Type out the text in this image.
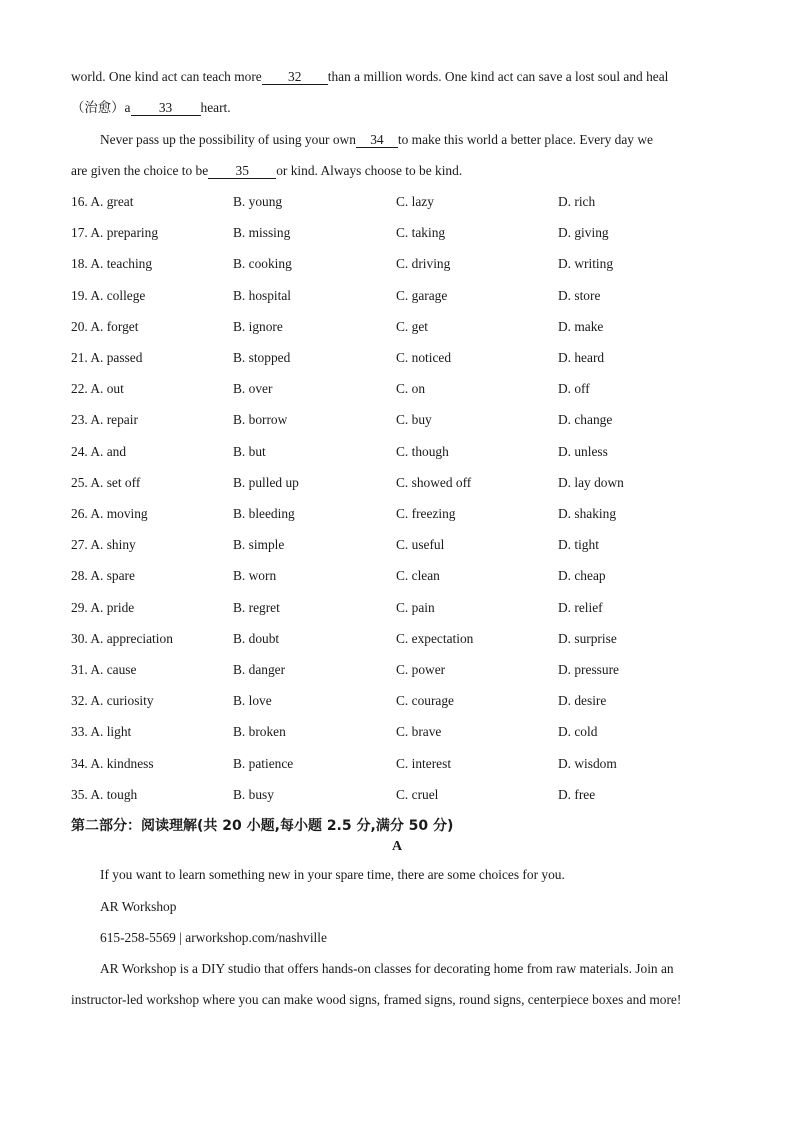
world. One kind act can teach more 32 than a million words. One kind act can save a lost soul and heal
（治愈）a 33 heart.
Never pass up the possibility of using your own 34 to make this world a better place. Every day we
are given the choice to be 35 or kind. Always choose to be kind.
16. A. great	B. young	C. lazy	D. rich
17. A. preparing	B. missing	C. taking	D. giving
18. A. teaching	B. cooking	C. driving	D. writing
19. A. college	B. hospital	C. garage	D. store
20. A. forget	B. ignore	C. get	D. make
21. A. passed	B. stopped	C. noticed	D. heard
22. A. out	B. over	C. on	D. off
23. A. repair	B. borrow	C. buy	D. change
24. A. and	B. but	C. though	D. unless
25. A. set off	B. pulled up	C. showed off	D. lay down
26. A. moving	B. bleeding	C. freezing	D. shaking
27. A. shiny	B. simple	C. useful	D. tight
28. A. spare	B. worn	C. clean	D. cheap
29. A. pride	B. regret	C. pain	D. relief
30. A. appreciation	B. doubt	C. expectation	D. surprise
31. A. cause	B. danger	C. power	D. pressure
32. A. curiosity	B. love	C. courage	D. desire
33. A. light	B. broken	C. brave	D. cold
34. A. kindness	B. patience	C. interest	D. wisdom
35. A. tough	B. busy	C. cruel	D. free
第二部分：阅读理解(共 20 小题,每小题 2.5 分,满分 50 分)
A
If you want to learn something new in your spare time, there are some choices for you.
AR Workshop
615-258-5569 | arworkshop.com/nashville
AR Workshop is a DIY studio that offers hands-on classes for decorating home from raw materials. Join an
instructor-led workshop where you can make wood signs, framed signs, round signs, centerpiece boxes and more!
